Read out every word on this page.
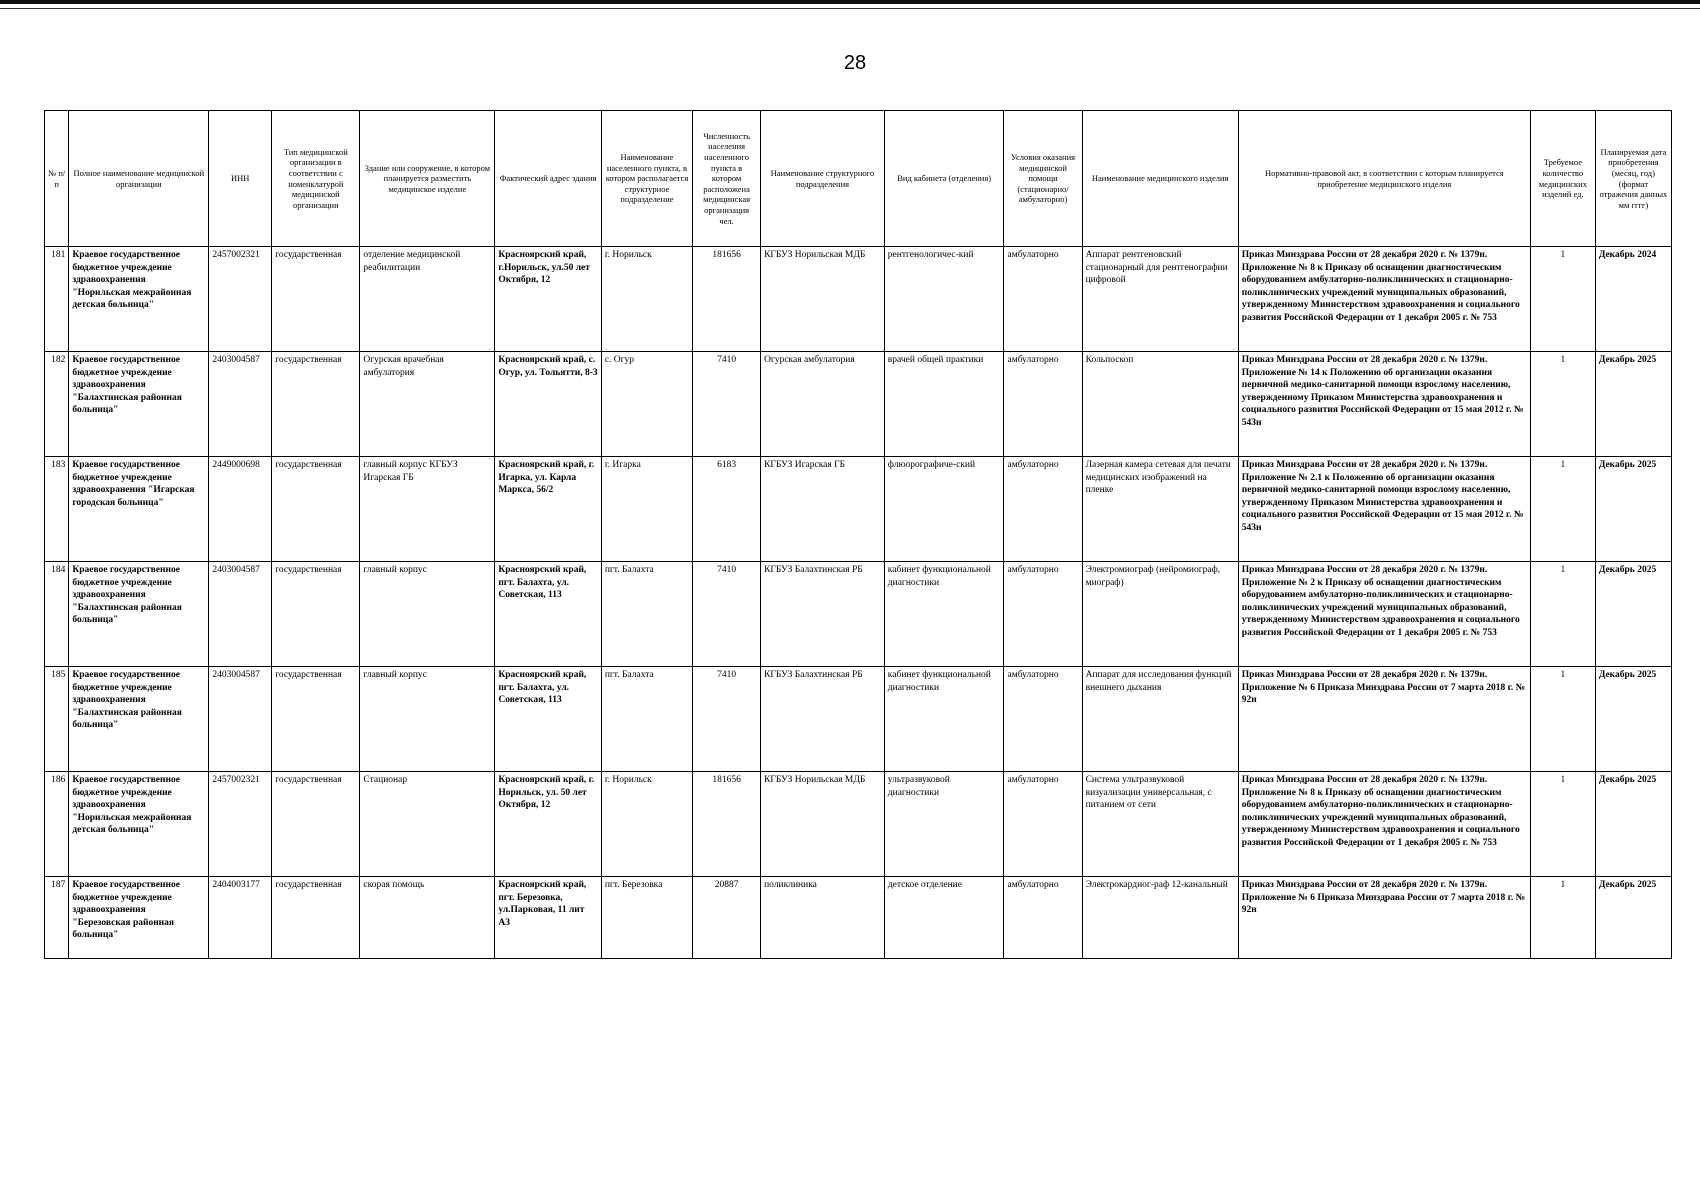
28
№ п/п	Полное наименование медицинской организации	ИНН	Тип медицинской организации в соответствии с номенклатурой медицинской организации	Здание или сооружение, в котором планируется разместить медицинское изделие	Фактический адрес здания	Наименование населенного пункта, в котором располагается структурное подразделение	Численность населения населенного пункта в котором расположена медицинская организация чел.	Наименование структурного подразделения	Вид кабинета (отделения)	Условия оказания медицинской помощи (стационарно/ амбулаторно)	Наименование медицинского изделия	Нормативно-правовой акт, в соответствии с которым планируется приобретение медицинского изделия	Требуемое количество медицинских изделий ед.	Планируемая дата приобретения (месяц, год) (формат отражения данных мм гггг)
181	Краевое государственное бюджетное учреждение здравоохранения "Норильская межрайонная детская больница"	2457002321	государственная	отделение медицинской реабилитации	Красноярский край, г.Норильск, ул.50 лет Октября, 12	г. Норильск	181656	КГБУЗ Норильская МДБ	рентгенологичес-кий	амбулаторно	Аппарат рентгеновский стационарный для рентгенографии цифровой	Приказ Минздрава России от 28 декабря 2020 г. № 1379н. Приложение № 8 к Приказу об оснащении диагностическим оборудованием амбулаторно-поликлинических и стационарно-поликлинических учреждений муниципальных образований, утвержденному Министерством здравоохранения и социального развития Российской Федерации от 1 декабря 2005 г. № 753	1	Декабрь 2024
182	Краевое государственное бюджетное учреждение здравоохранения "Балахтинская районная больница"	2403004587	государственная	Огурская врачебная амбулатория	Красноярский край, с. Огур, ул. Тольятти, 8-3	с. Огур	7410	Огурская амбулатория	врачей общей практики	амбулаторно	Кольпоскоп	Приказ Минздрава России от 28 декабря 2020 г. № 1379н. Приложение № 14 к Положению об организации оказания первичной медико-санитарной помощи взрослому населению, утвержденному Приказом Министерства здравоохранения и социального развития Российской Федерации от 15 мая 2012 г. № 543н	1	Декабрь 2025
183	Краевое государственное бюджетное учреждение здравоохранения "Игарская городская больница"	2449000698	государственная	главный корпус КГБУЗ Игарская ГБ	Красноярский край, г. Игарка, ул. Карла Маркса, 56/2	г. Игарка	6183	КГБУЗ Игарская ГБ	флюорографиче-ский	амбулаторно	Лазерная камера сетевая для печати медицинских изображений на пленке	Приказ Минздрава России от 28 декабря 2020 г. № 1379н. Приложение № 2.1 к Положению об организации оказания первичной медико-санитарной помощи взрослому населению, утвержденному Приказом Министерства здравоохранения и социального развития Российской Федерации от 15 мая 2012 г. № 543н	1	Декабрь 2025
184	Краевое государственное бюджетное учреждение здравоохранения "Балахтинская районная больница"	2403004587	государственная	главный корпус	Красноярский край, пгт. Балахта, ул. Советская, 113	пгт. Балахта	7410	КГБУЗ Балахтинская РБ	кабинет функциональной диагностики	амбулаторно	Электромиограф (нейромиограф, миограф)	Приказ Минздрава России от 28 декабря 2020 г. № 1379н. Приложение № 2 к Приказу об оснащении диагностическим оборудованием амбулаторно-поликлинических и стационарно-поликлинических учреждений муниципальных образований, утвержденному Министерством здравоохранения и социального развития Российской Федерации от 1 декабря 2005 г. № 753	1	Декабрь 2025
185	Краевое государственное бюджетное учреждение здравоохранения "Балахтинская районная больница"	2403004587	государственная	главный корпус	Красноярский край, пгт. Балахта, ул. Советская, 113	пгт. Балахта	7410	КГБУЗ Балахтинская РБ	кабинет функциональной диагностики	амбулаторно	Аппарат для исследования функций внешнего дыхания	Приказ Минздрава России от 28 декабря 2020 г. № 1379н. Приложение № 6 Приказа Минздрава России от 7 марта 2018 г. № 92н	1	Декабрь 2025
186	Краевое государственное бюджетное учреждение здравоохранения "Норильская межрайонная детская больница"	2457002321	государственная	Стационар	Красноярский край, г. Норильск, ул. 50 лет Октября, 12	г. Норильск	181656	КГБУЗ Норильская МДБ	ультразвуковой диагностики	амбулаторно	Система ультразвуковой визуализации универсальная, с питанием от сети	Приказ Минздрава России от 28 декабря 2020 г. № 1379н. Приложение № 8 к Приказу об оснащении диагностическим оборудованием амбулаторно-поликлинических и стационарно-поликлинических учреждений муниципальных образований, утвержденному Министерством здравоохранения и социального развития Российской Федерации от 1 декабря 2005 г. № 753	1	Декабрь 2025
187	Краевое государственное бюджетное учреждение здравоохранения "Березовская районная больница"	2404003177	государственная	скорая помощь	Красноярский край, пгт. Березовка, ул.Парковая, 11 лит А3	пгт. Березовка	20887	поликлиника	детское отделение	амбулаторно	Электрокардиог-раф 12-канальный	Приказ Минздрава России от 28 декабря 2020 г. № 1379н. Приложение № 6 Приказа Минздрава России от 7 марта 2018 г. № 92н	1	Декабрь 2025
